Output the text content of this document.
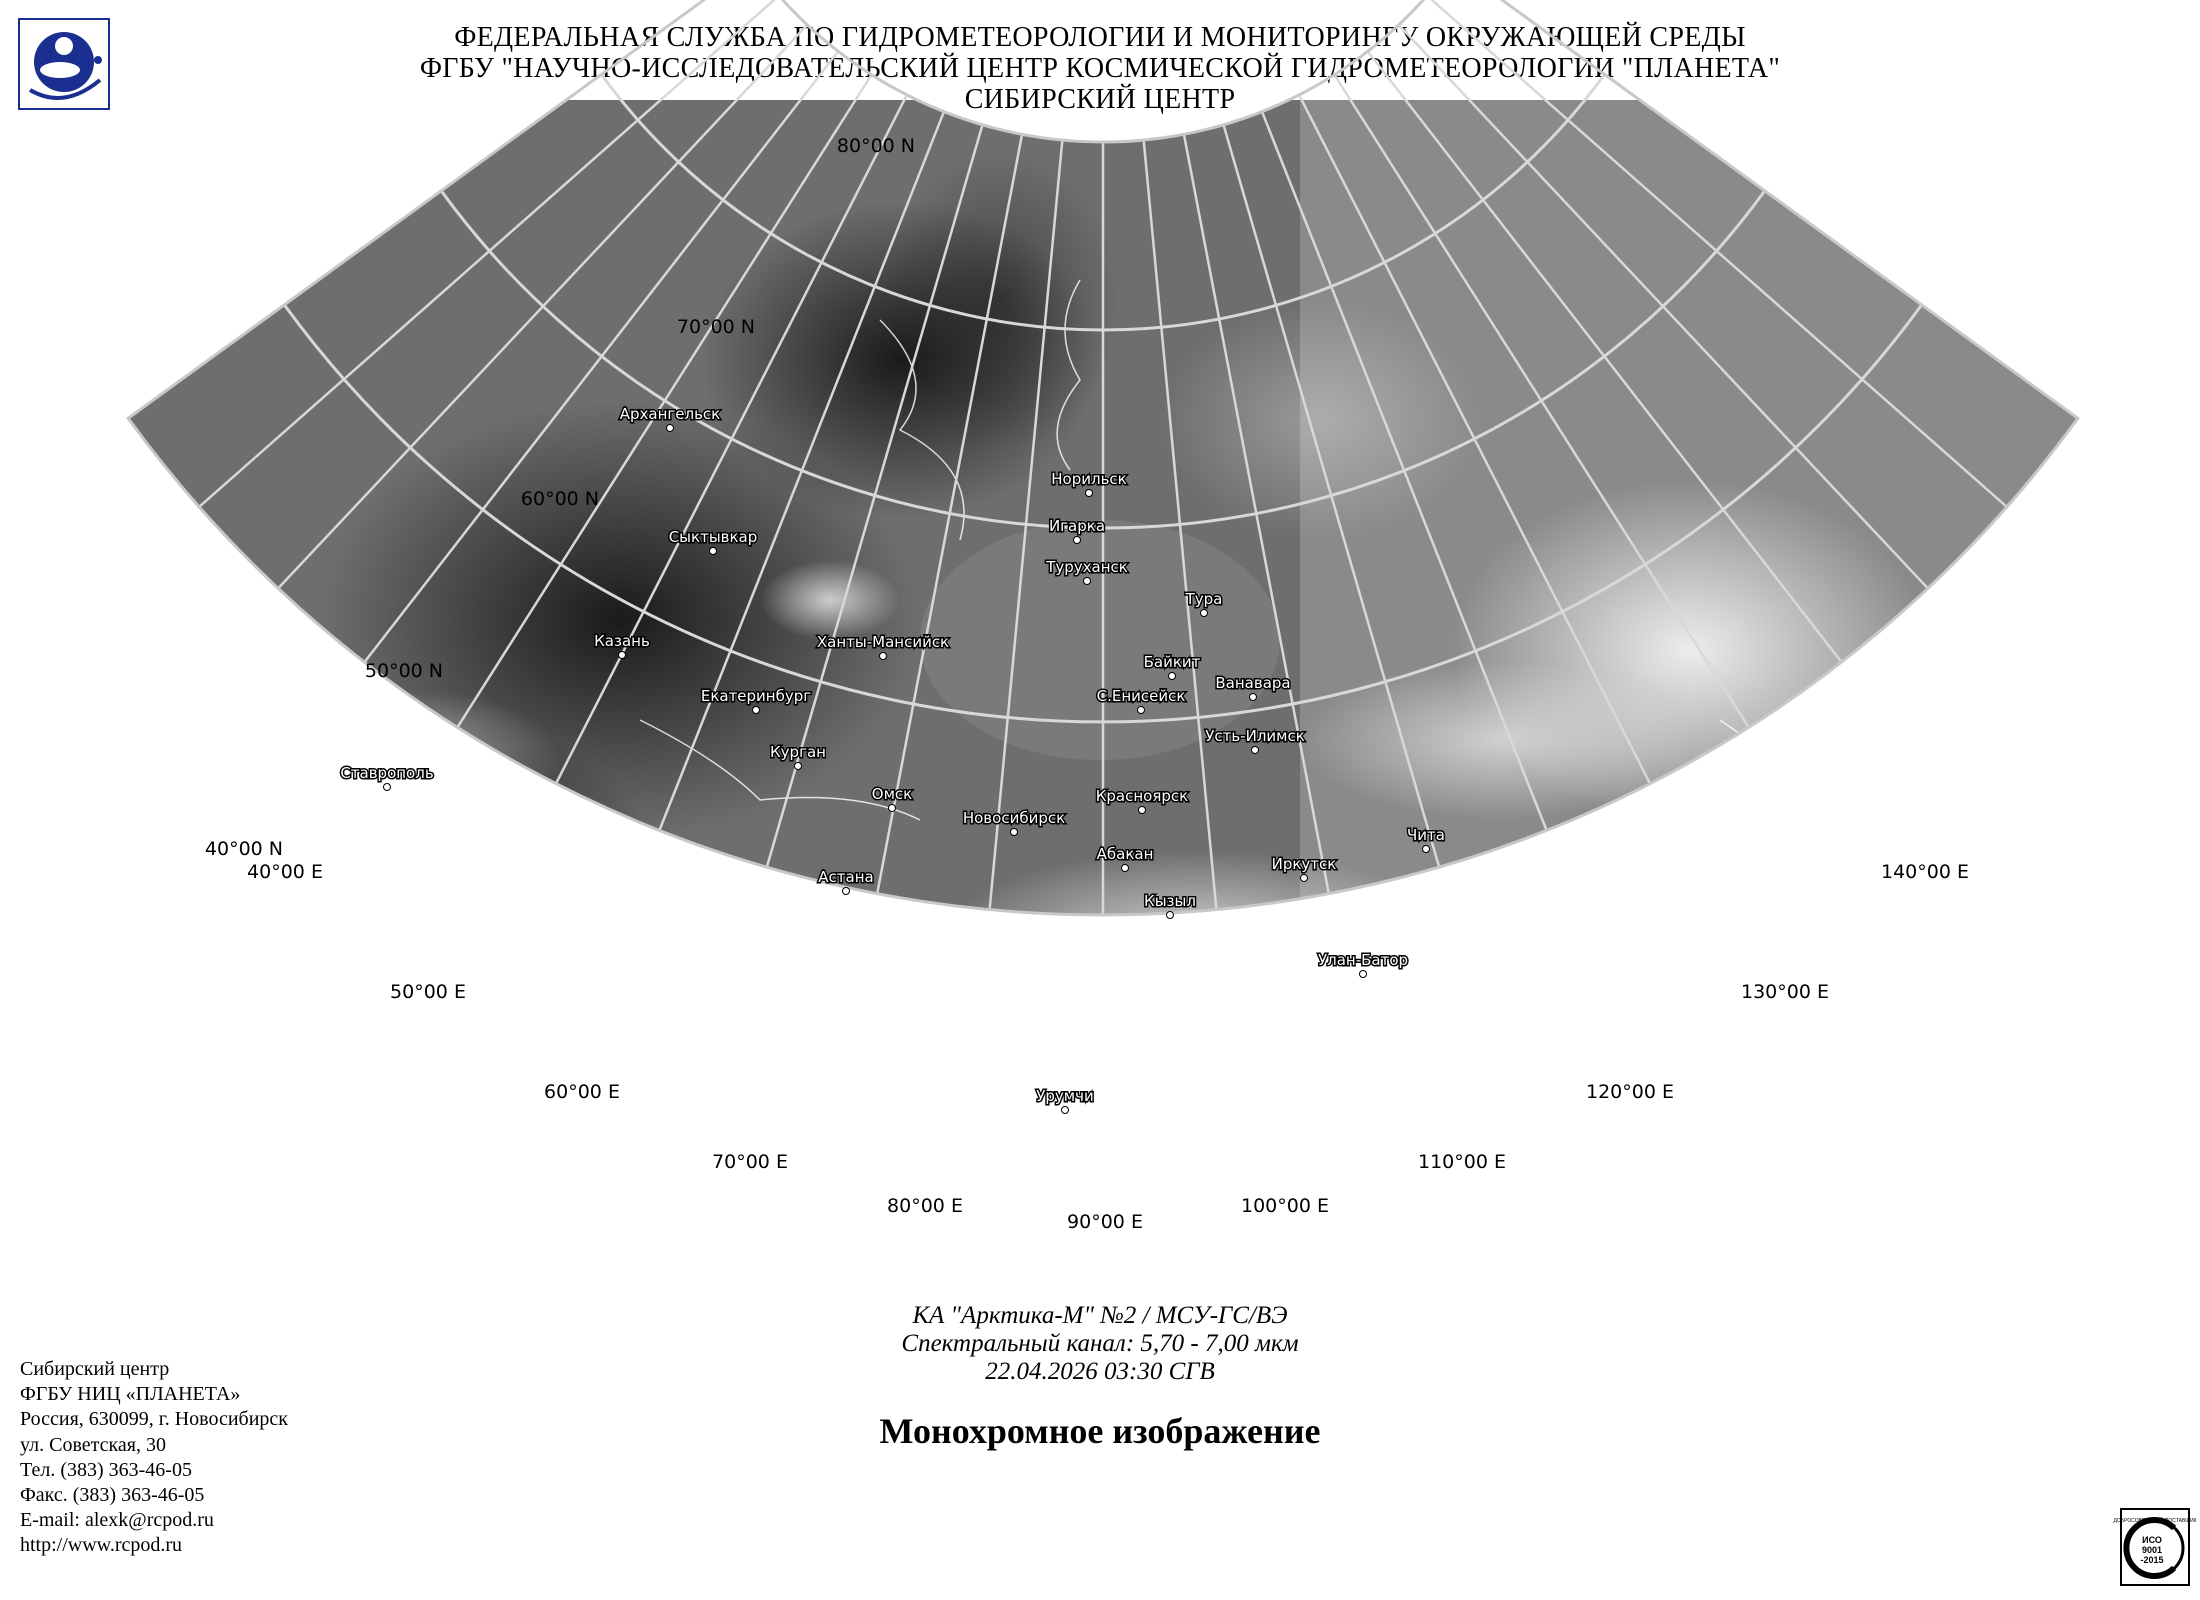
ФЕДЕРАЛЬНАЯ СЛУЖБА ПО ГИДРОМЕТЕОРОЛОГИИ И МОНИТОРИНГУ ОКРУЖАЮЩЕЙ СРЕДЫ
ФГБУ "НАУЧНО-ИССЛЕДОВАТЕЛЬСКИЙ ЦЕНТР КОСМИЧЕСКОЙ ГИДРОМЕТЕОРОЛОГИИ "ПЛАНЕТА"
СИБИРСКИЙ ЦЕНТР
80°00 N
70°00 N
60°00 N
50°00 N
40°00 N
40°00 E
50°00 E
60°00 E
70°00 E
80°00 E
90°00 E
100°00 E
110°00 E
120°00 E
130°00 E
140°00 E
Архангельск
Сыктывкар
Казань
Ставрополь
Екатеринбург
Курган
Ханты-Мансийск
Омск
Астана
Новосибирск
Норильск
Игарка
Туруханск
Тура
Байкит
С.Енисейск
Ванавара
Усть-Илимск
Красноярск
Абакан
Кызыл
Иркутск
Чита
Улан-Батор
Урумчи
КА "Арктика-М" №2 / МСУ-ГС/ВЭ
Спектральный канал: 5,70 - 7,00 мкм
22.04.2026 03:30 СГВ
Монохромное изображение
Сибирский центр
ФГБУ НИЦ «ПЛАНЕТА»
Россия, 630099, г. Новосибирск
ул. Советская, 30
Тел. (383) 363-46-05
Факс. (383) 363-46-05
E-mail: alexk@rcpod.ru
http://www.rcpod.ru
ДОБРОСОВЕСТНЫЙ ПОСТАВЩИК
ИСО
9001
-2015
